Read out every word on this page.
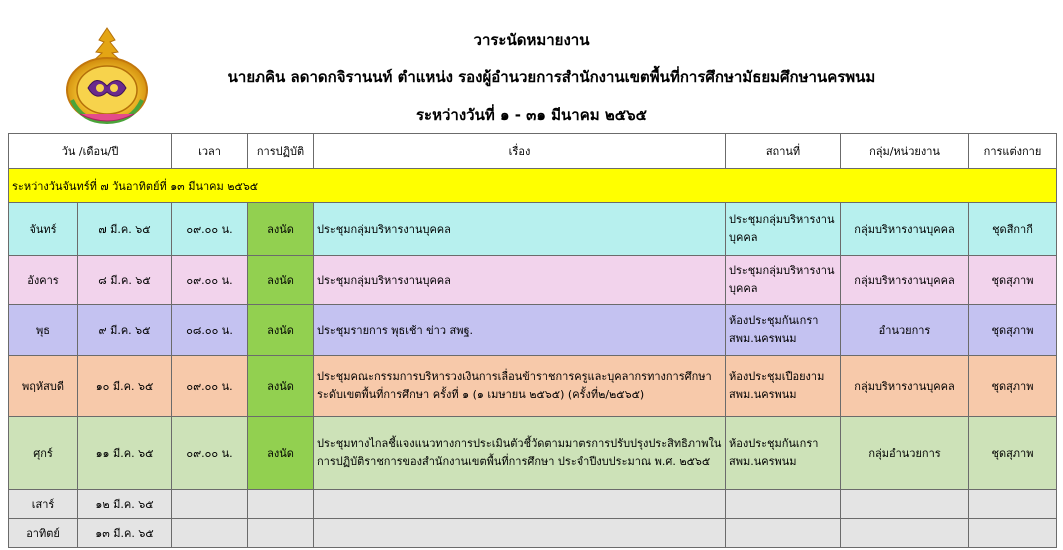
วาระนัดหมายงาน
นายภคิน ลดาดกจิรานนท์ ตำแหน่ง รองผู้อำนวยการสำนักงานเขตพื้นที่การศึกษามัธยมศึกษานครพนม
ระหว่างวันที่ ๑ - ๓๑ มีนาคม ๒๕๖๕
วัน /เดือน/ปี		เวลา	การปฏิบัติ	เรื่อง	สถานที่	กลุ่ม/หน่วยงาน	การแต่งกาย
ระหว่างวันจันทร์ที่ ๗ วันอาทิตย์ที่ ๑๓ มีนาคม ๒๕๖๕							
จันทร์	๗ มี.ค. ๖๕	๐๙.๐๐ น.	ลงนัด	ประชุมกลุ่มบริหารงานบุคคล	ประชุมกลุ่มบริหารงานบุคคล	กลุ่มบริหารงานบุคคล	ชุดสีกากี
อังคาร	๘ มี.ค. ๖๕	๐๙.๐๐ น.	ลงนัด	ประชุมกลุ่มบริหารงานบุคคล	ประชุมกลุ่มบริหารงานบุคคล	กลุ่มบริหารงานบุคคล	ชุดสุภาพ
พุธ	๙ มี.ค. ๖๕	๐๘.๐๐ น.	ลงนัด	ประชุมรายการ พุธเช้า ข่าว สพฐ.	ห้องประชุมกันเกรา สพม.นครพนม	อำนวยการ	ชุดสุภาพ
พฤหัสบดี	๑๐ มี.ค. ๖๕	๐๙.๐๐ น.	ลงนัด	ประชุมคณะกรรมการบริหารวงเงินการเลื่อนข้าราชการครูและบุคลากรทางการศึกษาระดับเขตพื้นที่การศึกษา ครั้งที่ ๑ (๑ เมษายน ๒๕๖๕) (ครั้งที่๒/๒๕๖๕)	ห้องประชุมเปือยงาม สพม.นครพนม	กลุ่มบริหารงานบุคคล	ชุดสุภาพ
ศุกร์	๑๑ มี.ค. ๖๕	๐๙.๐๐ น.	ลงนัด	ประชุมทางไกลชี้แจงแนวทางการประเมินตัวชี้วัดตามมาตรการปรับปรุงประสิทธิภาพในการปฏิบัติราชการของสำนักงานเขตพื้นที่การศึกษา ประจำปีงบประมาณ พ.ศ. ๒๕๖๕	ห้องประชุมกันเกรา สพม.นครพนม	กลุ่มอำนวยการ	ชุดสุภาพ
เสาร์	๑๒ มี.ค. ๖๕						
อาทิตย์	๑๓ มี.ค. ๖๕						
